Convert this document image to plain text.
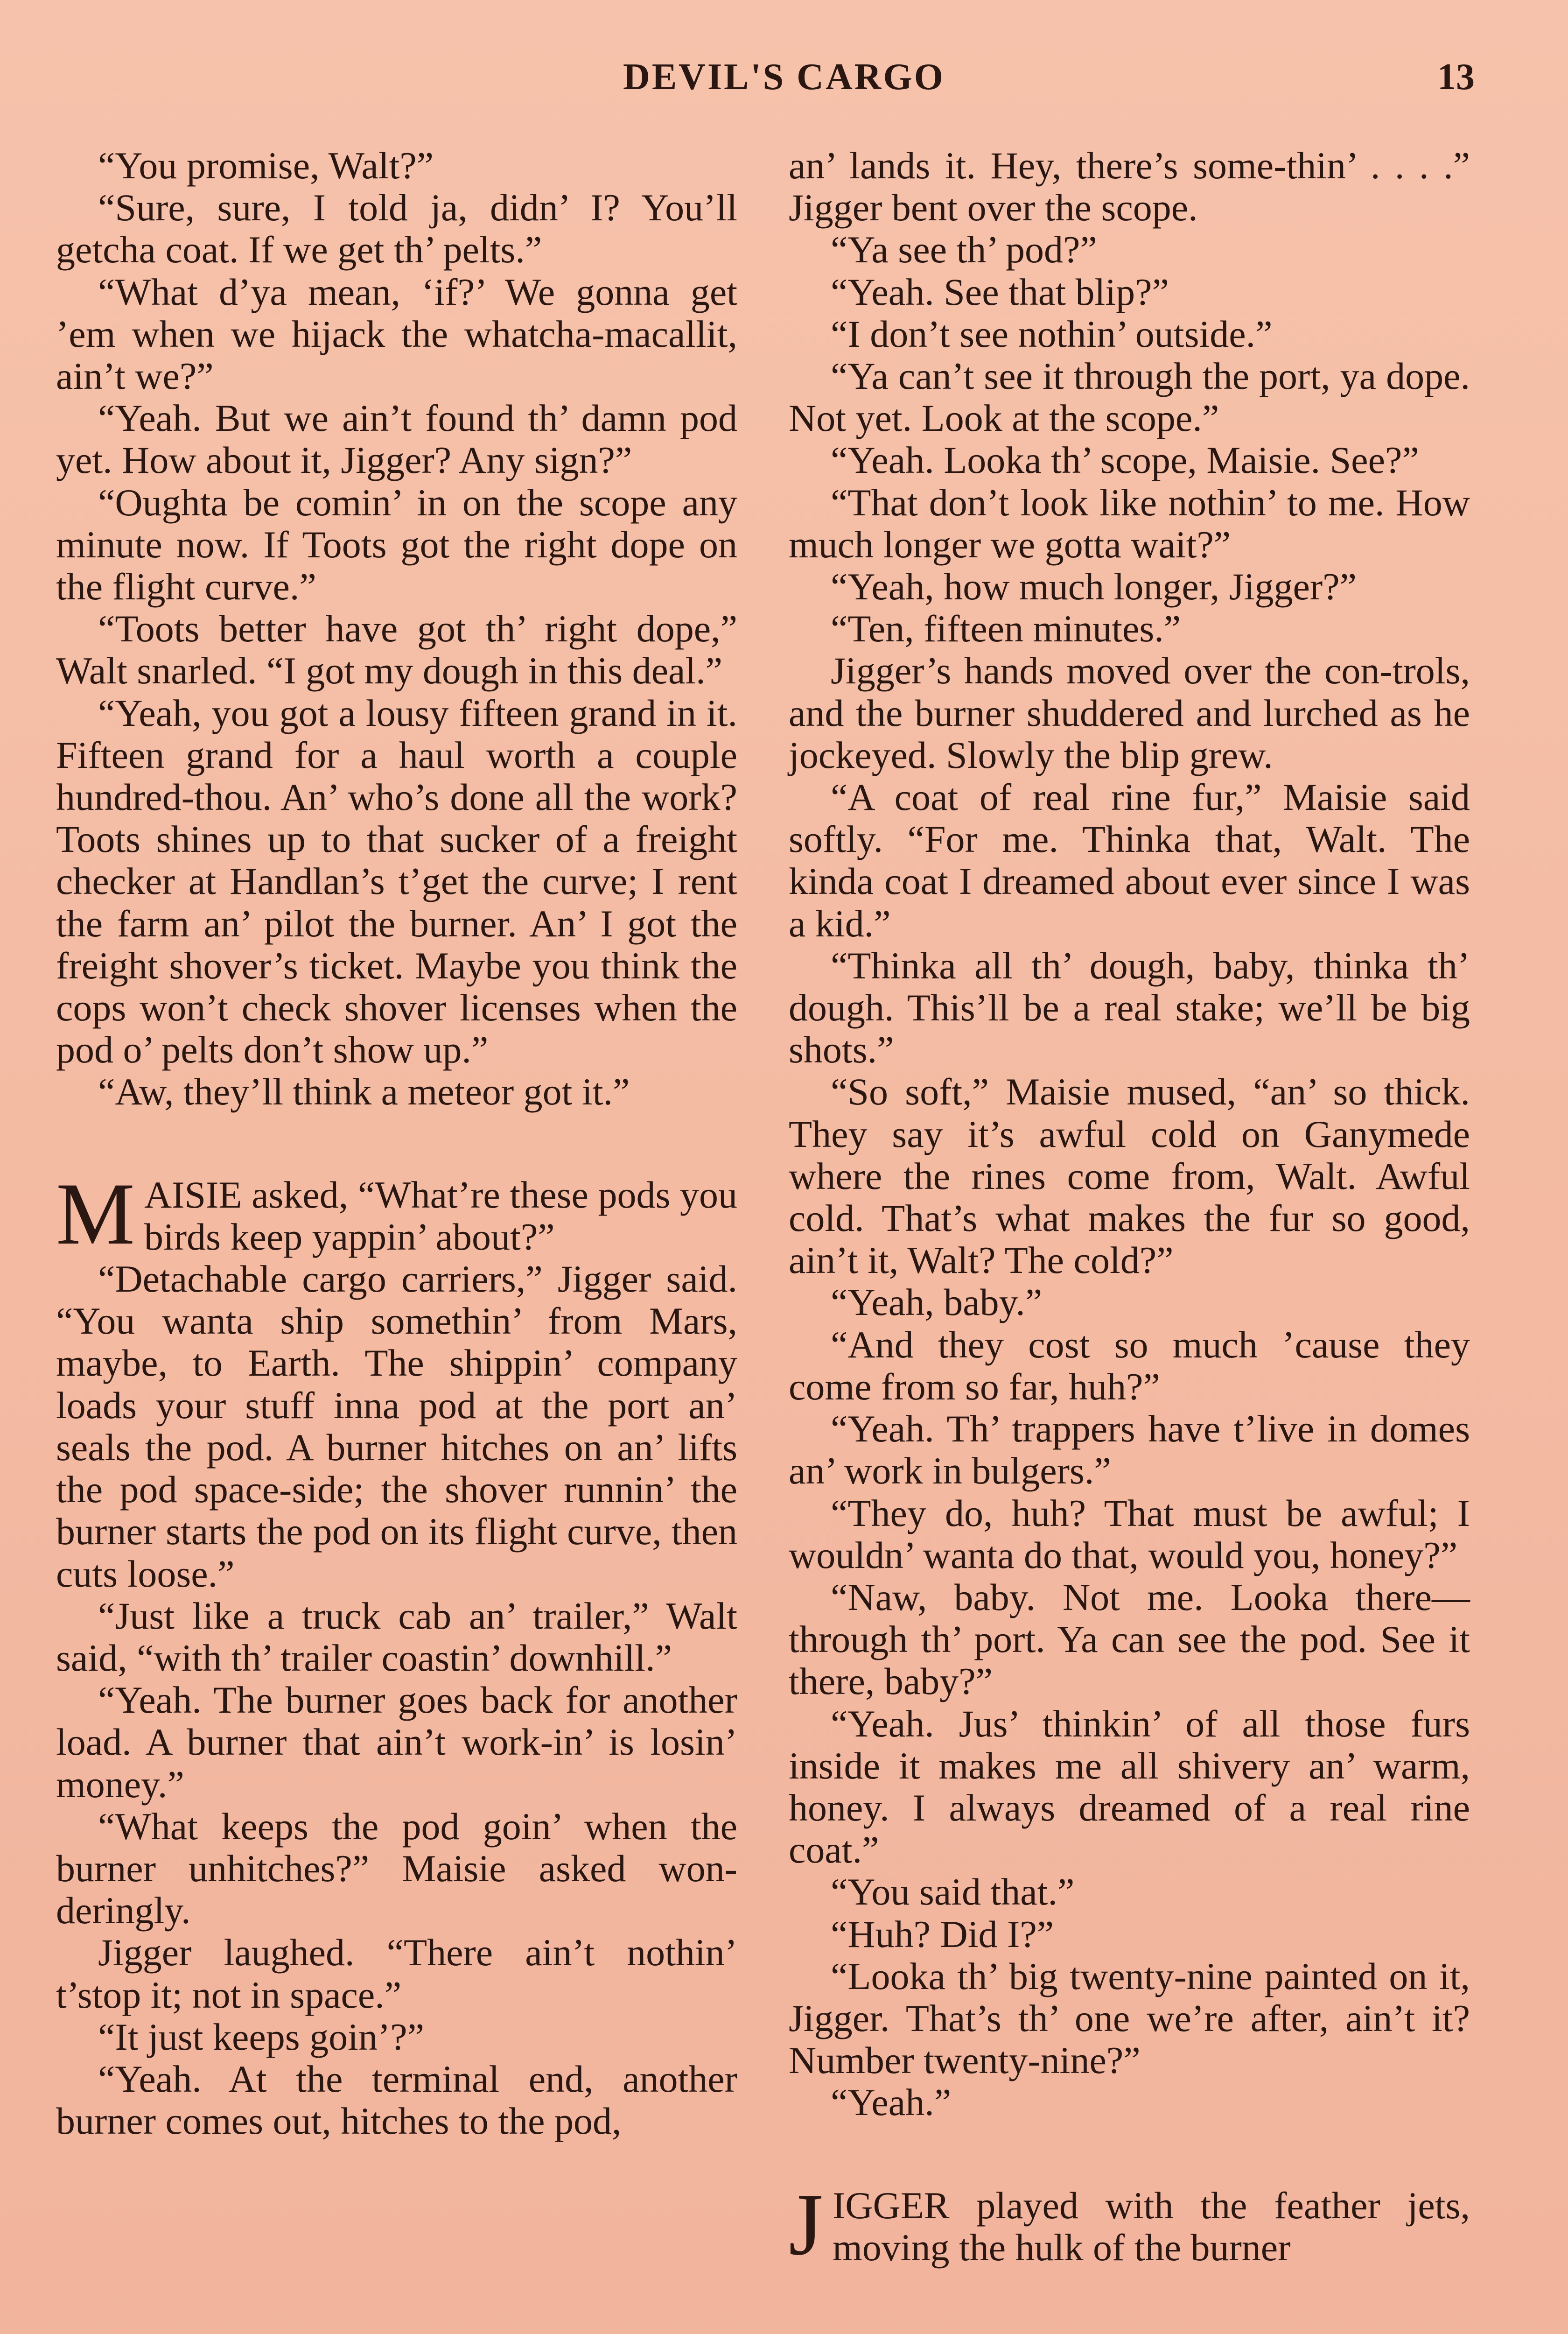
DEVIL'S CARGO	13

“You promise, Walt?”

“Sure, sure, I told ja, didn’ I? You’ll getcha coat. If we get th’ pelts.”

“What d’ya mean, ‘if?’ We gonna get ’em when we hijack the whatcha-macallit, ain’t we?”

“Yeah. But we ain’t found th’ damn pod yet. How about it, Jigger? Any sign?”

“Oughta be comin’ in on the scope any minute now. If Toots got the right dope on the flight curve.”

“Toots better have got th’ right dope,” Walt snarled. “I got my dough in this deal.”

“Yeah, you got a lousy fifteen grand in it. Fifteen grand for a haul worth a couple hundred-thou. An’ who’s done all the work? Toots shines up to that sucker of a freight checker at Handlan’s t’get the curve; I rent the farm an’ pilot the burner. An’ I got the freight shover’s ticket. Maybe you think the cops won’t check shover licenses when the pod o’ pelts don’t show up.”

“Aw, they’ll think a meteor got it.”

MAISIE asked, “What’re these pods you birds keep yappin’ about?”

“Detachable cargo carriers,” Jigger said. “You wanta ship somethin’ from Mars, maybe, to Earth. The shippin’ company loads your stuff inna pod at the port an’ seals the pod. A burner hitches on an’ lifts the pod space-side; the shover runnin’ the burner starts the pod on its flight curve, then cuts loose.”

“Just like a truck cab an’ trailer,” Walt said, “with th’ trailer coastin’ downhill.”

“Yeah. The burner goes back for another load. A burner that ain’t work-in’ is losin’ money.”

“What keeps the pod goin’ when the burner unhitches?” Maisie asked won-deringly.

Jigger laughed. “There ain’t nothin’ t’stop it; not in space.”

“It just keeps goin’?”

“Yeah. At the terminal end, another burner comes out, hitches to the pod,

an’ lands it. Hey, there’s some-thin’ . . . .” Jigger bent over the scope.

“Ya see th’ pod?”

“Yeah. See that blip?”

“I don’t see nothin’ outside.”

“Ya can’t see it through the port, ya dope. Not yet. Look at the scope.”

“Yeah. Looka th’ scope, Maisie. See?”

“That don’t look like nothin’ to me. How much longer we gotta wait?”

“Yeah, how much longer, Jigger?”

“Ten, fifteen minutes.”

Jigger’s hands moved over the con-trols, and the burner shuddered and lurched as he jockeyed. Slowly the blip grew.

“A coat of real rine fur,” Maisie said softly. “For me. Thinka that, Walt. The kinda coat I dreamed about ever since I was a kid.”

“Thinka all th’ dough, baby, thinka th’ dough. This’ll be a real stake; we’ll be big shots.”

“So soft,” Maisie mused, “an’ so thick. They say it’s awful cold on Ganymede where the rines come from, Walt. Awful cold. That’s what makes the fur so good, ain’t it, Walt? The cold?”

“Yeah, baby.”

“And they cost so much ’cause they come from so far, huh?”

“Yeah. Th’ trappers have t’live in domes an’ work in bulgers.”

“They do, huh? That must be awful; I wouldn’ wanta do that, would you, honey?”

“Naw, baby. Not me. Looka there—through th’ port. Ya can see the pod. See it there, baby?”

“Yeah. Jus’ thinkin’ of all those furs inside it makes me all shivery an’ warm, honey. I always dreamed of a real rine coat.”

“You said that.”

“Huh? Did I?”

“Looka th’ big twenty-nine painted on it, Jigger. That’s th’ one we’re after, ain’t it? Number twenty-nine?”

“Yeah.”

JIGGER played with the feather jets, moving the hulk of the burner
